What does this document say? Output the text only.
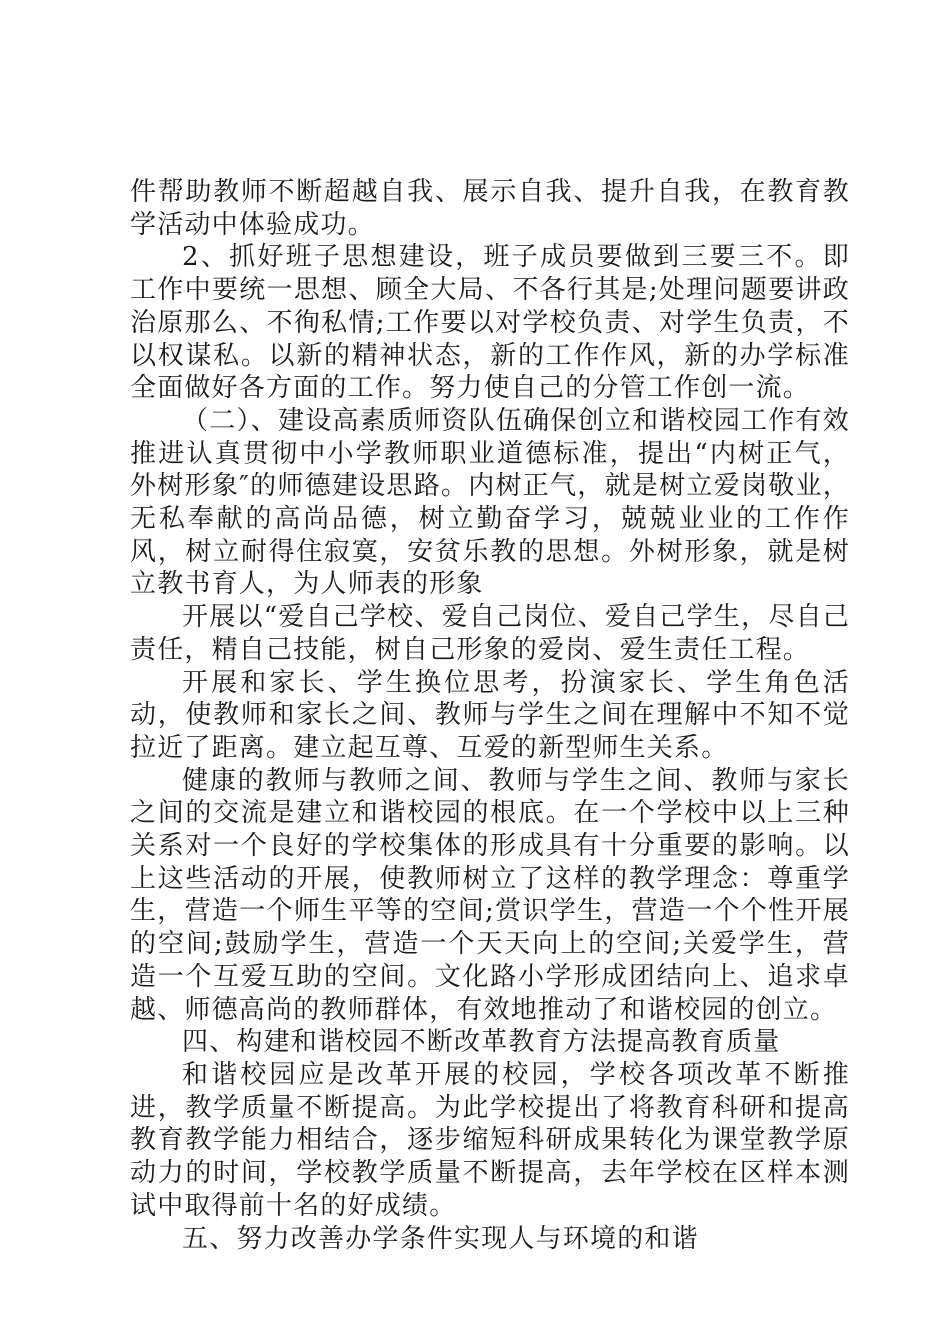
件帮助教师不断超越自我、展示自我、提升自我，在教育教学活动中体验成功。

2、抓好班子思想建设，班子成员要做到三要三不。即工作中要统一思想、顾全大局、不各行其是;处理问题要讲政治原那么、不徇私情;工作要以对学校负责、对学生负责，不以权谋私。以新的精神状态，新的工作作风，新的办学标准全面做好各方面的工作。努力使自己的分管工作创一流。

（二）、建设高素质师资队伍确保创立和谐校园工作有效推进认真贯彻中小学教师职业道德标准，提出“内树正气，外树形象″的师德建设思路。内树正气，就是树立爱岗敬业，无私奉献的高尚品德，树立勤奋学习，兢兢业业的工作作风，树立耐得住寂寞，安贫乐教的思想。外树形象，就是树立教书育人，为人师表的形象

开展以“爱自己学校、爱自己岗位、爱自己学生，尽自己责任，精自己技能，树自己形象的爱岗、爱生责任工程。

开展和家长、学生换位思考，扮演家长、学生角色活动，使教师和家长之间、教师与学生之间在理解中不知不觉拉近了距离。建立起互尊、互爱的新型师生关系。

健康的教师与教师之间、教师与学生之间、教师与家长之间的交流是建立和谐校园的根底。在一个学校中以上三种关系对一个良好的学校集体的形成具有十分重要的影响。以上这些活动的开展，使教师树立了这样的教学理念：尊重学生，营造一个师生平等的空间;赏识学生，营造一个个性开展的空间;鼓励学生，营造一个天天向上的空间;关爱学生，营造一个互爱互助的空间。文化路小学形成团结向上、追求卓越、师德高尚的教师群体，有效地推动了和谐校园的创立。

四、构建和谐校园不断改革教育方法提高教育质量

和谐校园应是改革开展的校园，学校各项改革不断推进，教学质量不断提高。为此学校提出了将教育科研和提高教育教学能力相结合，逐步缩短科研成果转化为课堂教学原动力的时间，学校教学质量不断提高，去年学校在区样本测试中取得前十名的好成绩。

五、努力改善办学条件实现人与环境的和谐
